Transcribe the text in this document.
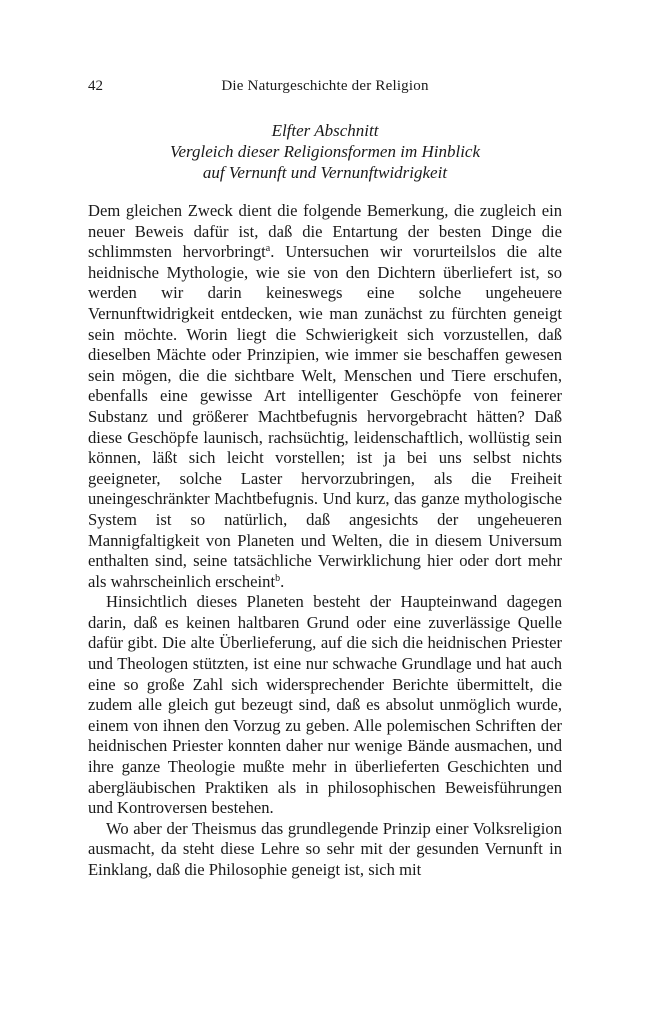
42	Die Naturgeschichte der Religion
Elfter Abschnitt
Vergleich dieser Religionsformen im Hinblick
auf Vernunft und Vernunftwidrigkeit

Dem gleichen Zweck dient die folgende Bemerkung, die zugleich ein neuer Beweis dafür ist, daß die Entartung der besten Dinge die schlimmsten hervorbringt$^a$. Untersuchen wir vorurteilslos die alte heidnische Mythologie, wie sie von den Dichtern überliefert ist, so werden wir darin keineswegs eine solche ungeheuere Vernunftwidrigkeit entdecken, wie man zunächst zu fürchten geneigt sein möchte. Worin liegt die Schwierigkeit sich vorzustellen, daß dieselben Mächte oder Prinzipien, wie immer sie beschaffen gewesen sein mögen, die die sichtbare Welt, Menschen und Tiere erschufen, ebenfalls eine gewisse Art intelligenter Geschöpfe von feinerer Substanz und größerer Machtbefugnis hervorgebracht hätten? Daß diese Geschöpfe launisch, rachsüchtig, leidenschaftlich, wollüstig sein können, läßt sich leicht vorstellen; ist ja bei uns selbst nichts geeigneter, solche Laster hervorzubringen, als die Freiheit uneingeschränkter Machtbefugnis. Und kurz, das ganze mythologische System ist so natürlich, daß angesichts der ungeheueren Mannigfaltigkeit von Planeten und Welten, die in diesem Universum enthalten sind, seine tatsächliche Verwirklichung hier oder dort mehr als wahrscheinlich erscheint$^b$.

Hinsichtlich dieses Planeten besteht der Haupteinwand dagegen darin, daß es keinen haltbaren Grund oder eine zuverlässige Quelle dafür gibt. Die alte Überlieferung, auf die sich die heidnischen Priester und Theologen stützten, ist eine nur schwache Grundlage und hat auch eine so große Zahl sich widersprechender Berichte übermittelt, die zudem alle gleich gut bezeugt sind, daß es absolut unmöglich wurde, einem von ihnen den Vorzug zu geben. Alle polemischen Schriften der heidnischen Priester konnten daher nur wenige Bände ausmachen, und ihre ganze Theologie mußte mehr in überlieferten Geschichten und abergläubischen Praktiken als in philosophischen Beweisführungen und Kontroversen bestehen.

Wo aber der Theismus das grundlegende Prinzip einer Volksreligion ausmacht, da steht diese Lehre so sehr mit der gesunden Vernunft in Einklang, daß die Philosophie geneigt ist, sich mit
